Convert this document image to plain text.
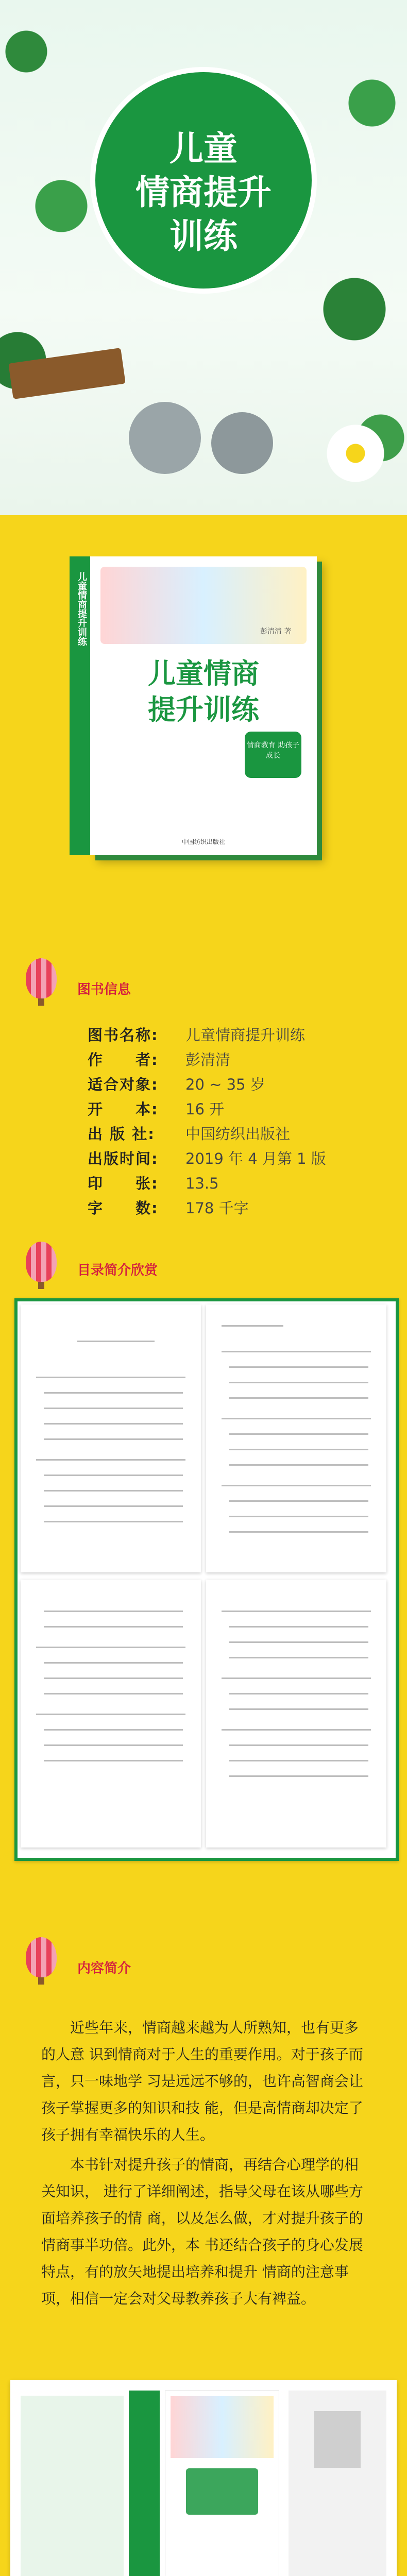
儿童
情商提升
训练
儿童情商提升训练	彭清清 著
儿童情商
提升训练
情商教育 助孩子成长
中国纺织出版社
图书信息
图书名称:	儿童情商提升训练
作　　者:	彭清清
适合对象:	20 ~ 35 岁
开　　本:	16 开
出 版 社:	中国纺织出版社
出版时间:	2019 年 4 月第 1 版
印　　张:	13.5
字　　数:	178 千字
目录简介欣赏
内容简介

近些年来，情商越来越为人所熟知，也有更多的人意 识到情商对于人生的重要作用。对于孩子而言，只一味地学 习是远远不够的，也许高智商会让孩子掌握更多的知识和技 能，但是高情商却决定了孩子拥有幸福快乐的人生。

本书针对提升孩子的情商，再结合心理学的相关知识， 进行了详细阐述，指导父母在该从哪些方面培养孩子的情 商，以及怎么做，才对提升孩子的情商事半功倍。此外，本 书还结合孩子的身心发展特点，有的放矢地提出培养和提升 情商的注意事项，相信一定会对父母教养孩子大有裨益。
